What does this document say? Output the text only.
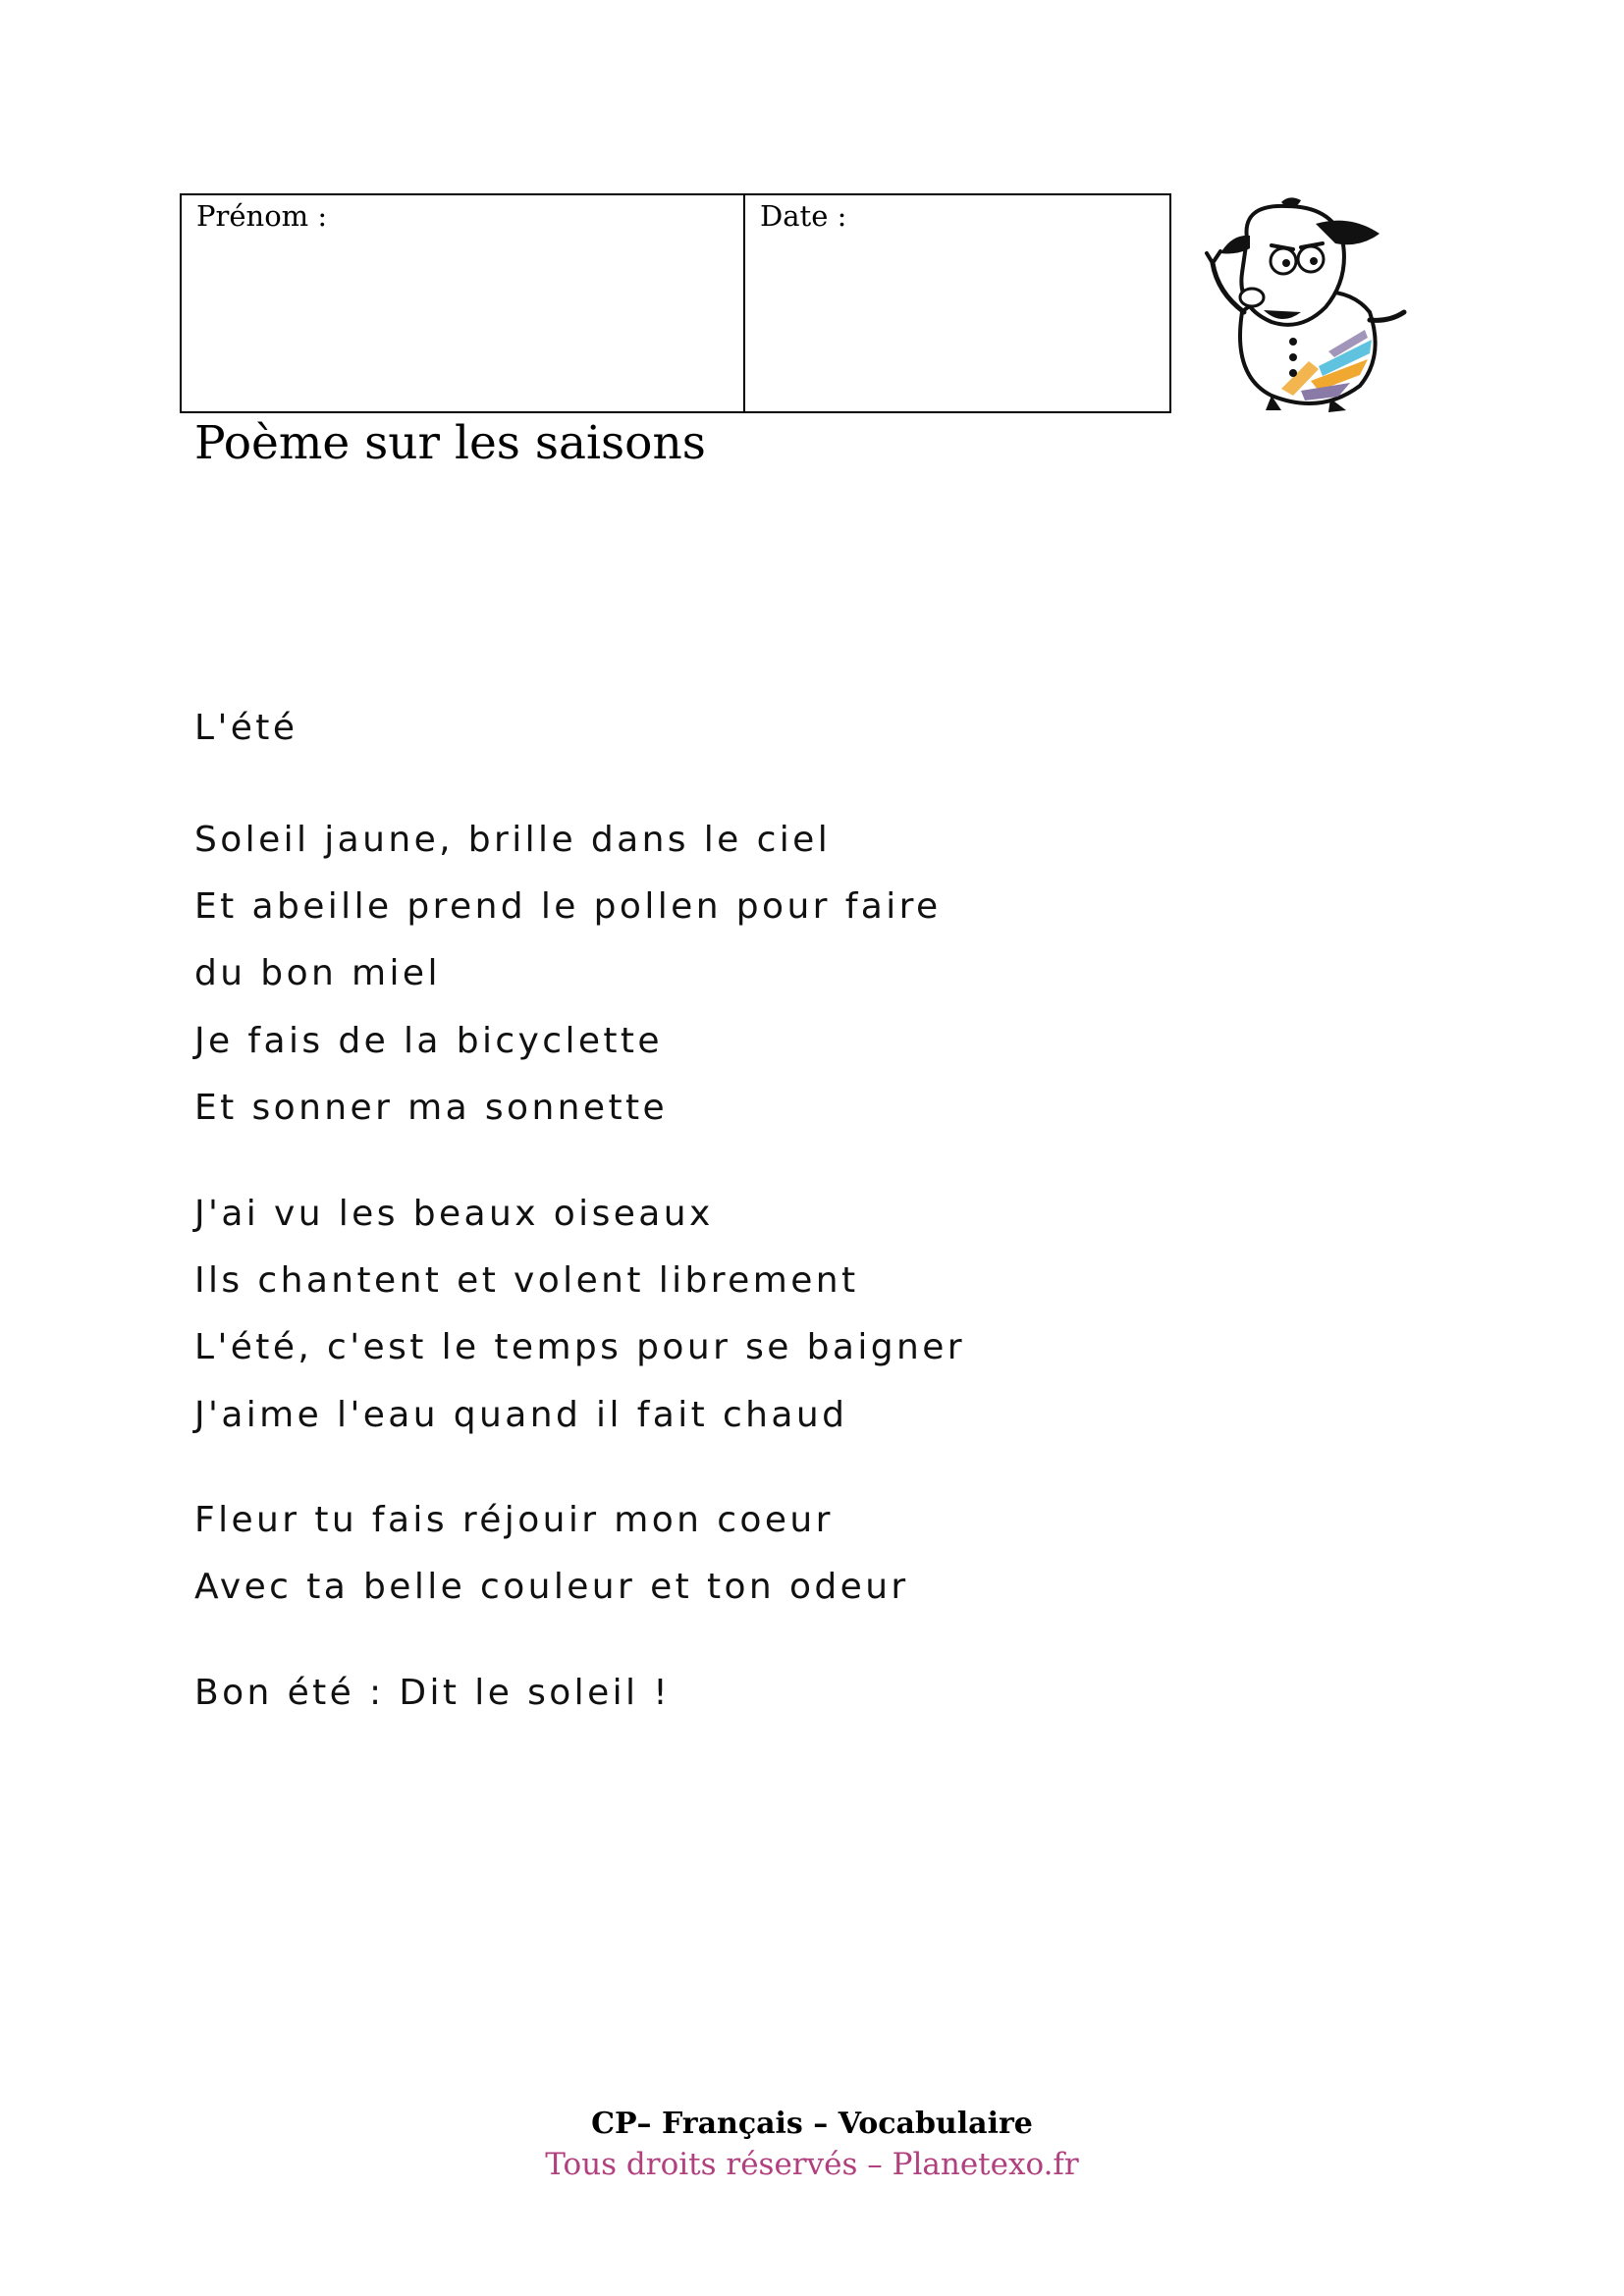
Prénom :	Date :
Poème sur les saisons
L'été
Soleil jaune, brille dans le ciel
Et abeille prend le pollen pour faire
du bon miel
Je fais de la bicyclette
Et sonner ma sonnette
J'ai vu les beaux oiseaux
Ils chantent et volent librement
L'été, c'est le temps pour se baigner
J'aime l'eau quand il fait chaud
Fleur tu fais réjouir mon coeur
Avec ta belle couleur et ton odeur
Bon été : Dit le soleil !
CP– Français – Vocabulaire
Tous droits réservés – Planetexo.fr
